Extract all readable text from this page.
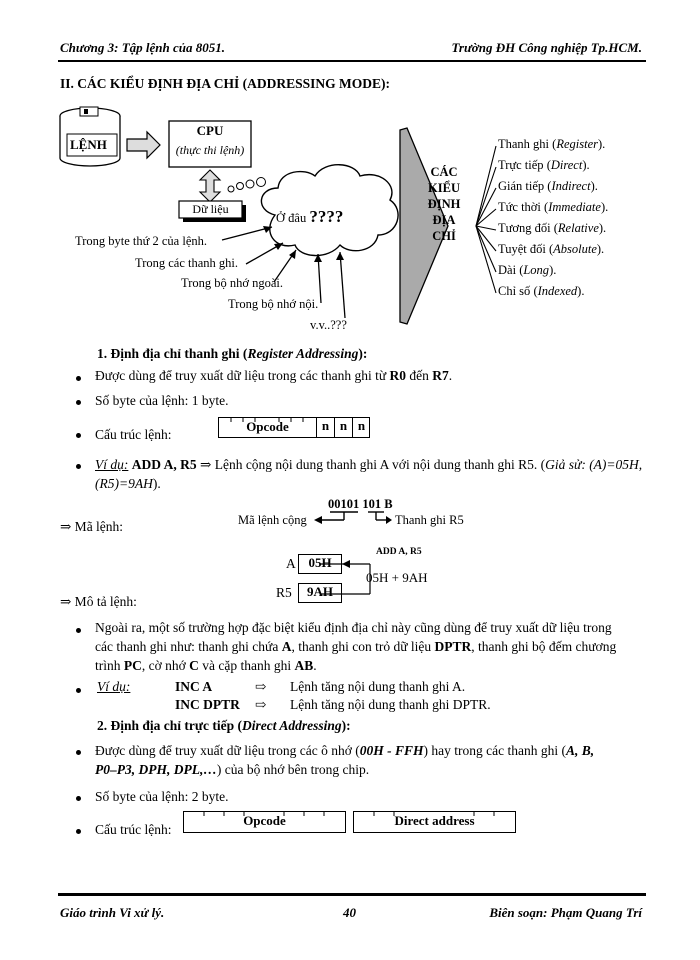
Chương 3: Tập lệnh của 8051.	Trường ĐH Công nghiệp Tp.HCM.
II. CÁC KIỂU ĐỊNH ĐỊA CHỈ (ADDRESSING MODE):
LỆNH
CPU
(thực thi lệnh)
Dữ liệu
Ở đâu ????
Trong byte thứ 2 của lệnh.
Trong các thanh ghi.
Trong bộ nhớ ngoài.
Trong bộ nhớ nội.
v.v..???
CÁC
KIỂU
ĐỊNH
ĐỊA
CHỈ
Thanh ghi (Register).
Trực tiếp (Direct).
Gián tiếp (Indirect).
Tức thời (Immediate).
Tương đối (Relative).
Tuyệt đối (Absolute).
Dài (Long).
Chỉ số (Indexed).
1. Định địa chỉ thanh ghi (Register Addressing):
Được dùng để truy xuất dữ liệu trong các thanh ghi từ R0 đến R7.
Số byte của lệnh: 1 byte.
Cấu trúc lệnh:
Opcode	n n n
Ví dụ: ADD A, R5 ⇒ Lệnh cộng nội dung thanh ghi A với nội dung thanh ghi R5. (Giả sử: (A)=05H, (R5)=9AH).
⇒ Mã lệnh:
00101 101 B
Mã lệnh cộng	Thanh ghi R5
⇒ Mô tả lệnh:
A 05H
R5	9AH
ADD A, R5
05H + 9AH
Ngoài ra, một số trường hợp đặc biệt kiểu định địa chỉ này cũng dùng để truy xuất dữ liệu trong
các thanh ghi như: thanh ghi chứa A, thanh ghi con trỏ dữ liệu DPTR, thanh ghi bộ đếm chương
trình PC, cờ nhớ C và cặp thanh ghi AB.
Ví dụ:	INC A	⇨ Lệnh tăng nội dung thanh ghi A.
INC DPTR ⇨ Lệnh tăng nội dung thanh ghi DPTR.
2. Định địa chỉ trực tiếp (Direct Addressing):
Được dùng để truy xuất dữ liệu trong các ô nhớ (00H - FFH) hay trong các thanh ghi (A, B,
P0–P3, DPH, DPL,…) của bộ nhớ bên trong chip.
Số byte của lệnh: 2 byte.
Cấu trúc lệnh:
Opcode	Direct address
Giáo trình Vi xử lý.	40	Biên soạn: Phạm Quang Trí
